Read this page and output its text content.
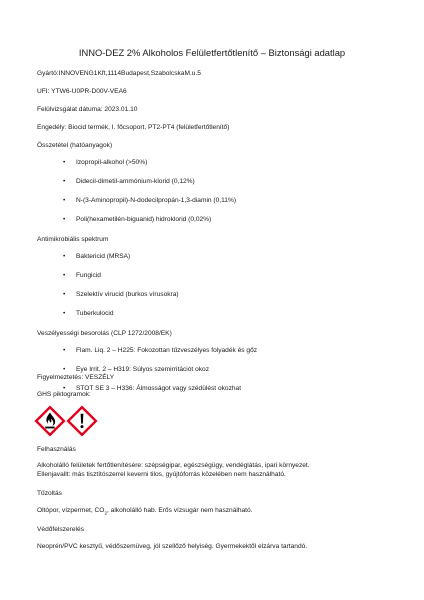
INNO-DEZ 2% Alkoholos Felületfertőtlenítő – Biztonsági adatlap
Gyártó:INNOVENG1Kft,1114Budapest,SzabolcskaM.u.5
UFI: YTW6-U0PR-D00V-VEA6
Felülvizsgálat dátuma: 2023.01.10
Engedély: Biocid termék, I. főcsoport, PT2-PT4 (felületfertőtlenítő)
Összetétel (hatóanyagok)
• Izopropil-alkohol (>50%)
• Didecil-dimetil-ammónium-klorid (0,12%)
• N-(3-Aminopropil)-N-dodecilpropán-1,3-diamin (0,11%)
• Poli(hexametilén-biguanid) hidroklorid (0,02%)
Antimikrobiális spektrum
• Baktericid (MRSA)
• Fungicid
• Szelektív virucid (burkos vírusokra)
• Tuberkulocid
Veszélyességi besorolás (CLP 1272/2008/EK)
• Flam. Liq. 2 – H225: Fokozottan tűzveszélyes folyadék és gőz
• Eye Irrit. 2 – H319: Súlyos szemirritációt okoz
• STOT SE 3 – H336: Álmosságot vagy szédülést okozhat
Figyelmeztetés: VESZÉLY
GHS piktogramok:
Felhasználás
Alkoholálló felületek fertőtlenítésére: szépségipar, egészségügy, vendéglátás, ipari környezet.
Ellenjavallt: más tisztítószerrel keverni tilos, gyújtóforrás közelében nem használható.
Tűzoltás
Oltópor, vízpermet, $CO_2$, alkoholálló hab. Erős vízsugár nem használható.
Védőfelszerelés
Neoprén/PVC kesztyű, védőszemüveg, jól szellőző helyiség. Gyermekektől elzárva tartandó.
